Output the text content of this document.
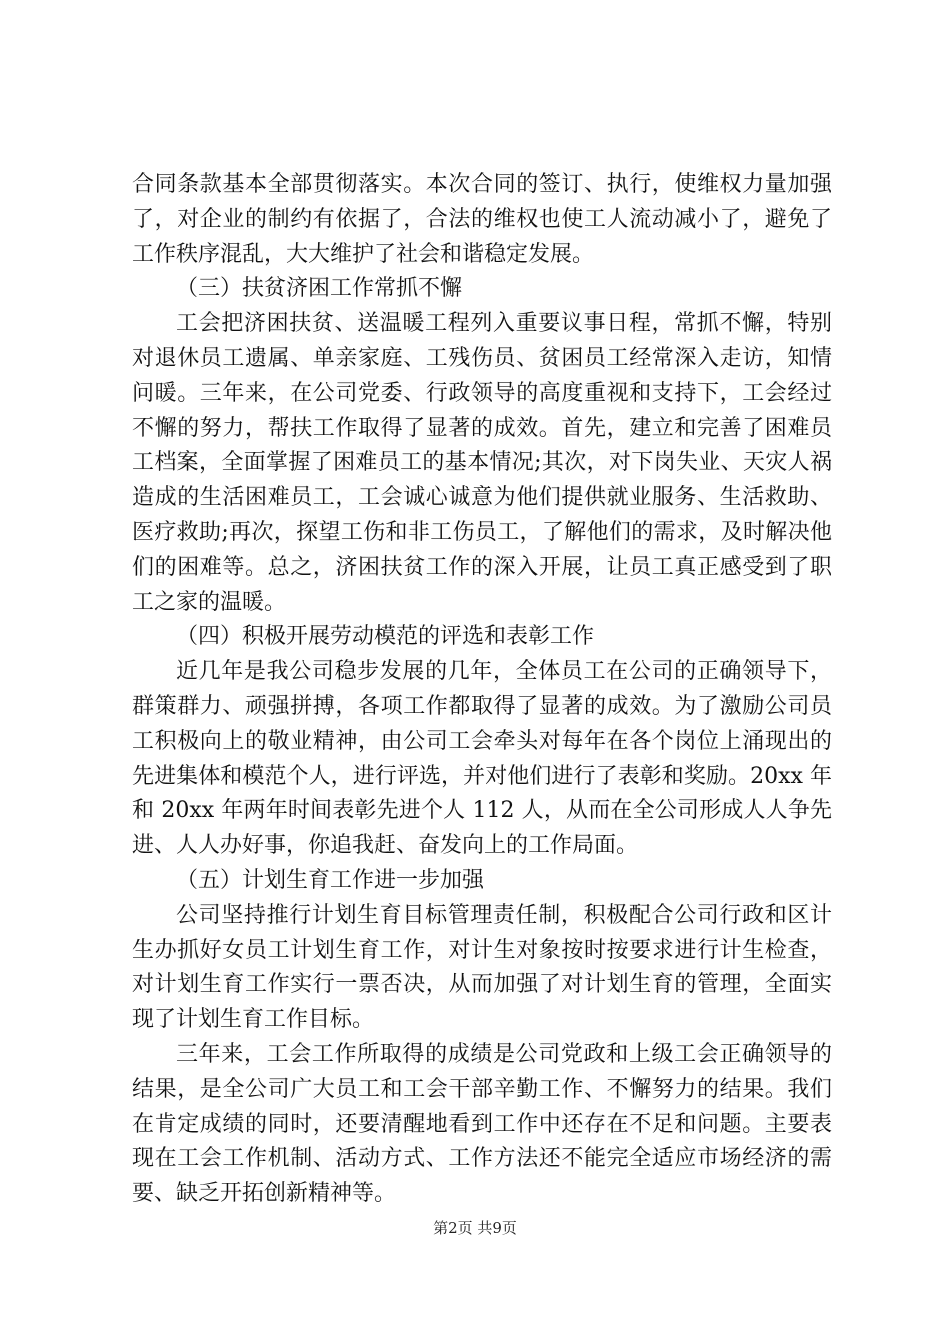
合同条款基本全部贯彻落实。本次合同的签订、执行，使维权力量加强了，对企业的制约有依据了，合法的维权也使工人流动减小了，避免了工作秩序混乱，大大维护了社会和谐稳定发展。

（三）扶贫济困工作常抓不懈

工会把济困扶贫、送温暖工程列入重要议事日程，常抓不懈，特别对退休员工遗属、单亲家庭、工残伤员、贫困员工经常深入走访，知情问暖。三年来，在公司党委、行政领导的高度重视和支持下，工会经过不懈的努力，帮扶工作取得了显著的成效。首先，建立和完善了困难员工档案，全面掌握了困难员工的基本情况;其次，对下岗失业、天灾人祸造成的生活困难员工，工会诚心诚意为他们提供就业服务、生活救助、医疗救助;再次，探望工伤和非工伤员工，了解他们的需求，及时解决他们的困难等。总之，济困扶贫工作的深入开展，让员工真正感受到了职工之家的温暖。

（四）积极开展劳动模范的评选和表彰工作

近几年是我公司稳步发展的几年，全体员工在公司的正确领导下，群策群力、顽强拼搏，各项工作都取得了显著的成效。为了激励公司员工积极向上的敬业精神，由公司工会牵头对每年在各个岗位上涌现出的先进集体和模范个人，进行评选，并对他们进行了表彰和奖励。20xx 年和 20xx 年两年时间表彰先进个人 112 人，从而在全公司形成人人争先进、人人办好事，你追我赶、奋发向上的工作局面。

（五）计划生育工作进一步加强

公司坚持推行计划生育目标管理责任制，积极配合公司行政和区计生办抓好女员工计划生育工作，对计生对象按时按要求进行计生检查，对计划生育工作实行一票否决，从而加强了对计划生育的管理，全面实现了计划生育工作目标。

三年来，工会工作所取得的成绩是公司党政和上级工会正确领导的结果，是全公司广大员工和工会干部辛勤工作、不懈努力的结果。我们在肯定成绩的同时，还要清醒地看到工作中还存在不足和问题。主要表现在工会工作机制、活动方式、工作方法还不能完全适应市场经济的需要、缺乏开拓创新精神等。

第2页 共9页
